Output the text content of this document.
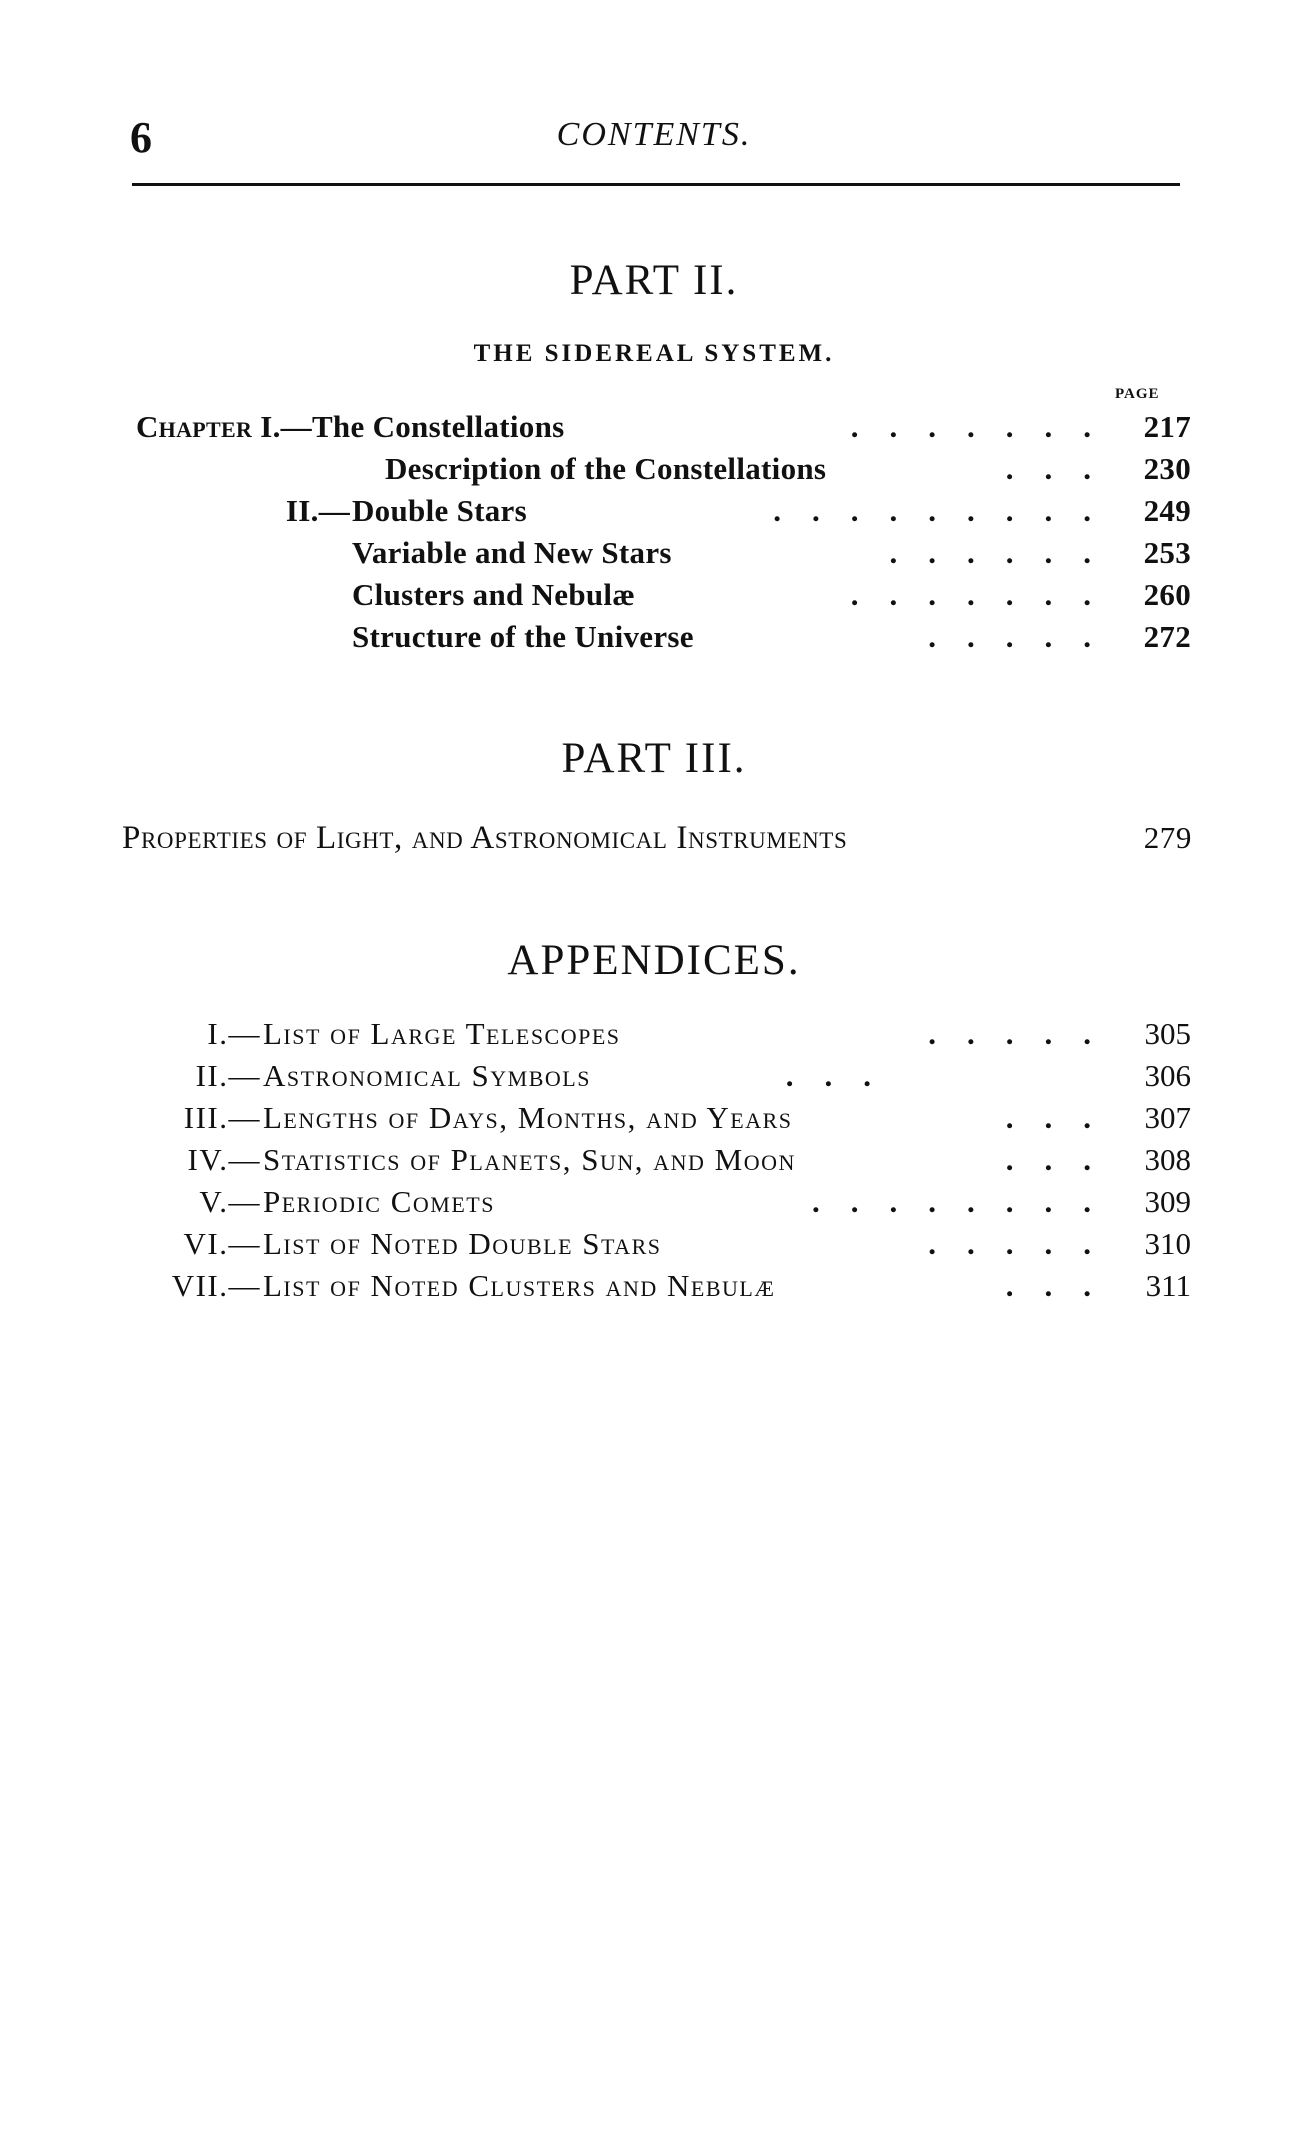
6	CONTENTS.
PART II.
THE SIDEREAL SYSTEM.
PAGE
Chapter I.—The Constellations	.    .    .    .    .    .    . 217
Description of the Constellations	.    .    . 230
II.— Double Stars	.    .    .    .    .    .    .    .    . 249
Variable and New Stars	.    .    .    .    .    . 253
Clusters and Nebulæ	.    .    .    .    .    .    . 260
Structure of the Universe	.    .    .    .    . 272
PART III.
Properties of Light, and Astronomical Instruments	279
APPENDICES.
I.— List of Large Telescopes	.    .    .    .    . 305
II.— Astronomical Symbols	.    .    .	306
III.— Lengths of Days, Months, and Years	.    .    . 307
IV.— Statistics of Planets, Sun, and Moon	.    .    . 308
V.— Periodic Comets	.    .    .    .    .    .    .    . 309
VI.— List of Noted Double Stars	.    .    .    .    . 310
VII.— List of Noted Clusters and Nebulæ	.    .    . 311
